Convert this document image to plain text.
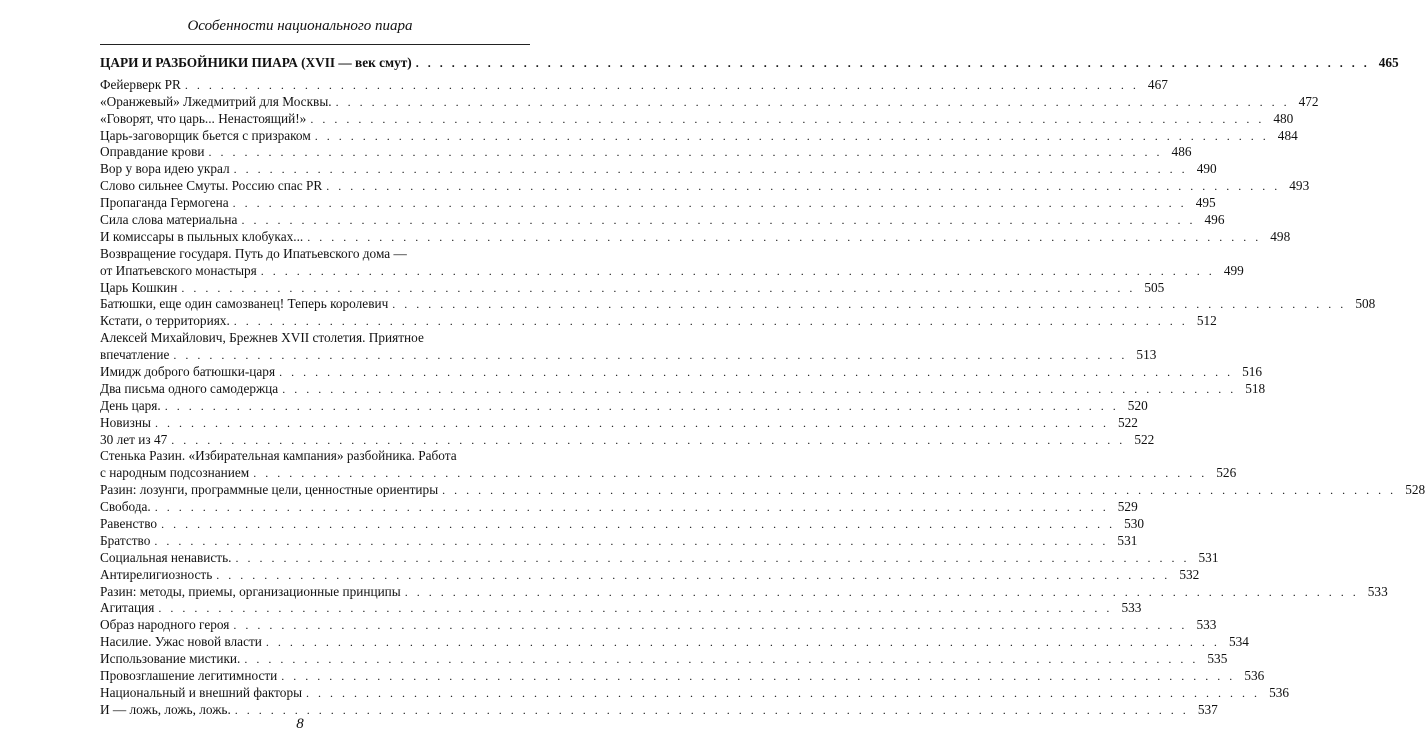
Особенности национального пиара
ЦАРИ И РАЗБОЙНИКИ ПИАРА (XVII — век смут) . . . . . . . . . . . . . . . . . . . . . . . . . . . . . . . . . . . . . . . . . . . . . . . . . . . . . . . . . . . . . . . . . . . . . . . . . . . . . . . . 465
Фейерверк PR . . . . . . . . . . . . . . . . . . . . . . . . . . . . . . . . . . . . . . . . . . . . . . . . . . . . . . . . . . . . . . . . . . . . . . . . . . . . . . . . 467
«Оранжевый» Лжедмитрий для Москвы. . . . . . . . . . . . . . . . . . . . . . . . . . . . . . . . . . . . . . . . . . . . . . . . . . . . . . . . . . . . . . . . . . . . . . . . . . . . . . . . . 472
«Говорят, что царь... Ненастоящий!» . . . . . . . . . . . . . . . . . . . . . . . . . . . . . . . . . . . . . . . . . . . . . . . . . . . . . . . . . . . . . . . . . . . . . . . . . . . . . . . . 480
Царь-заговорщик бьется с призраком . . . . . . . . . . . . . . . . . . . . . . . . . . . . . . . . . . . . . . . . . . . . . . . . . . . . . . . . . . . . . . . . . . . . . . . . . . . . . . . . 484
Оправдание крови . . . . . . . . . . . . . . . . . . . . . . . . . . . . . . . . . . . . . . . . . . . . . . . . . . . . . . . . . . . . . . . . . . . . . . . . . . . . . . . . 486
Вор у вора идею украл . . . . . . . . . . . . . . . . . . . . . . . . . . . . . . . . . . . . . . . . . . . . . . . . . . . . . . . . . . . . . . . . . . . . . . . . . . . . . . . . 490
Слово сильнее Смуты. Россию спас PR . . . . . . . . . . . . . . . . . . . . . . . . . . . . . . . . . . . . . . . . . . . . . . . . . . . . . . . . . . . . . . . . . . . . . . . . . . . . . . . . 493
Пропаганда Гермогена . . . . . . . . . . . . . . . . . . . . . . . . . . . . . . . . . . . . . . . . . . . . . . . . . . . . . . . . . . . . . . . . . . . . . . . . . . . . . . . . 495
Сила слова материальна . . . . . . . . . . . . . . . . . . . . . . . . . . . . . . . . . . . . . . . . . . . . . . . . . . . . . . . . . . . . . . . . . . . . . . . . . . . . . . . . 496
И комиссары в пыльных клобуках... . . . . . . . . . . . . . . . . . . . . . . . . . . . . . . . . . . . . . . . . . . . . . . . . . . . . . . . . . . . . . . . . . . . . . . . . . . . . . . . . 498
Возвращение государя. Путь до Ипатьевского дома —
от Ипатьевского монастыря . . . . . . . . . . . . . . . . . . . . . . . . . . . . . . . . . . . . . . . . . . . . . . . . . . . . . . . . . . . . . . . . . . . . . . . . . . . . . . . . 499
Царь Кошкин . . . . . . . . . . . . . . . . . . . . . . . . . . . . . . . . . . . . . . . . . . . . . . . . . . . . . . . . . . . . . . . . . . . . . . . . . . . . . . . . 505
Батюшки, еще один самозванец! Теперь королевич . . . . . . . . . . . . . . . . . . . . . . . . . . . . . . . . . . . . . . . . . . . . . . . . . . . . . . . . . . . . . . . . . . . . . . . . . . . . . . . . 508
Кстати, о территориях. . . . . . . . . . . . . . . . . . . . . . . . . . . . . . . . . . . . . . . . . . . . . . . . . . . . . . . . . . . . . . . . . . . . . . . . . . . . . . . . . 512
Алексей Михайлович, Брежнев XVII столетия. Приятное
впечатление . . . . . . . . . . . . . . . . . . . . . . . . . . . . . . . . . . . . . . . . . . . . . . . . . . . . . . . . . . . . . . . . . . . . . . . . . . . . . . . . 513
Имидж доброго батюшки-царя . . . . . . . . . . . . . . . . . . . . . . . . . . . . . . . . . . . . . . . . . . . . . . . . . . . . . . . . . . . . . . . . . . . . . . . . . . . . . . . . 516
Два письма одного самодержца . . . . . . . . . . . . . . . . . . . . . . . . . . . . . . . . . . . . . . . . . . . . . . . . . . . . . . . . . . . . . . . . . . . . . . . . . . . . . . . . 518
День царя. . . . . . . . . . . . . . . . . . . . . . . . . . . . . . . . . . . . . . . . . . . . . . . . . . . . . . . . . . . . . . . . . . . . . . . . . . . . . . . . . 520
Новизны . . . . . . . . . . . . . . . . . . . . . . . . . . . . . . . . . . . . . . . . . . . . . . . . . . . . . . . . . . . . . . . . . . . . . . . . . . . . . . . . 522
30 лет из 47 . . . . . . . . . . . . . . . . . . . . . . . . . . . . . . . . . . . . . . . . . . . . . . . . . . . . . . . . . . . . . . . . . . . . . . . . . . . . . . . . 522
Стенька Разин. «Избирательная кампания» разбойника. Работа
с народным подсознанием . . . . . . . . . . . . . . . . . . . . . . . . . . . . . . . . . . . . . . . . . . . . . . . . . . . . . . . . . . . . . . . . . . . . . . . . . . . . . . . . 526
Разин: лозунги, программные цели, ценностные ориентиры . . . . . . . . . . . . . . . . . . . . . . . . . . . . . . . . . . . . . . . . . . . . . . . . . . . . . . . . . . . . . . . . . . . . . . . . . . . . . . . . 528
Свобода. . . . . . . . . . . . . . . . . . . . . . . . . . . . . . . . . . . . . . . . . . . . . . . . . . . . . . . . . . . . . . . . . . . . . . . . . . . . . . . . . 529
Равенство . . . . . . . . . . . . . . . . . . . . . . . . . . . . . . . . . . . . . . . . . . . . . . . . . . . . . . . . . . . . . . . . . . . . . . . . . . . . . . . . 530
Братство . . . . . . . . . . . . . . . . . . . . . . . . . . . . . . . . . . . . . . . . . . . . . . . . . . . . . . . . . . . . . . . . . . . . . . . . . . . . . . . . 531
Социальная ненависть. . . . . . . . . . . . . . . . . . . . . . . . . . . . . . . . . . . . . . . . . . . . . . . . . . . . . . . . . . . . . . . . . . . . . . . . . . . . . . . . . 531
Антирелигиозность . . . . . . . . . . . . . . . . . . . . . . . . . . . . . . . . . . . . . . . . . . . . . . . . . . . . . . . . . . . . . . . . . . . . . . . . . . . . . . . . 532
Разин: методы, приемы, организационные принципы . . . . . . . . . . . . . . . . . . . . . . . . . . . . . . . . . . . . . . . . . . . . . . . . . . . . . . . . . . . . . . . . . . . . . . . . . . . . . . . . 533
Агитация . . . . . . . . . . . . . . . . . . . . . . . . . . . . . . . . . . . . . . . . . . . . . . . . . . . . . . . . . . . . . . . . . . . . . . . . . . . . . . . . 533
Образ народного героя . . . . . . . . . . . . . . . . . . . . . . . . . . . . . . . . . . . . . . . . . . . . . . . . . . . . . . . . . . . . . . . . . . . . . . . . . . . . . . . . 533
Насилие. Ужас новой власти . . . . . . . . . . . . . . . . . . . . . . . . . . . . . . . . . . . . . . . . . . . . . . . . . . . . . . . . . . . . . . . . . . . . . . . . . . . . . . . . 534
Использование мистики. . . . . . . . . . . . . . . . . . . . . . . . . . . . . . . . . . . . . . . . . . . . . . . . . . . . . . . . . . . . . . . . . . . . . . . . . . . . . . . . . 535
Провозглашение легитимности . . . . . . . . . . . . . . . . . . . . . . . . . . . . . . . . . . . . . . . . . . . . . . . . . . . . . . . . . . . . . . . . . . . . . . . . . . . . . . . . 536
Национальный и внешний факторы . . . . . . . . . . . . . . . . . . . . . . . . . . . . . . . . . . . . . . . . . . . . . . . . . . . . . . . . . . . . . . . . . . . . . . . . . . . . . . . . 536
И — ложь, ложь, ложь. . . . . . . . . . . . . . . . . . . . . . . . . . . . . . . . . . . . . . . . . . . . . . . . . . . . . . . . . . . . . . . . . . . . . . . . . . . . . . . . . 537
8
